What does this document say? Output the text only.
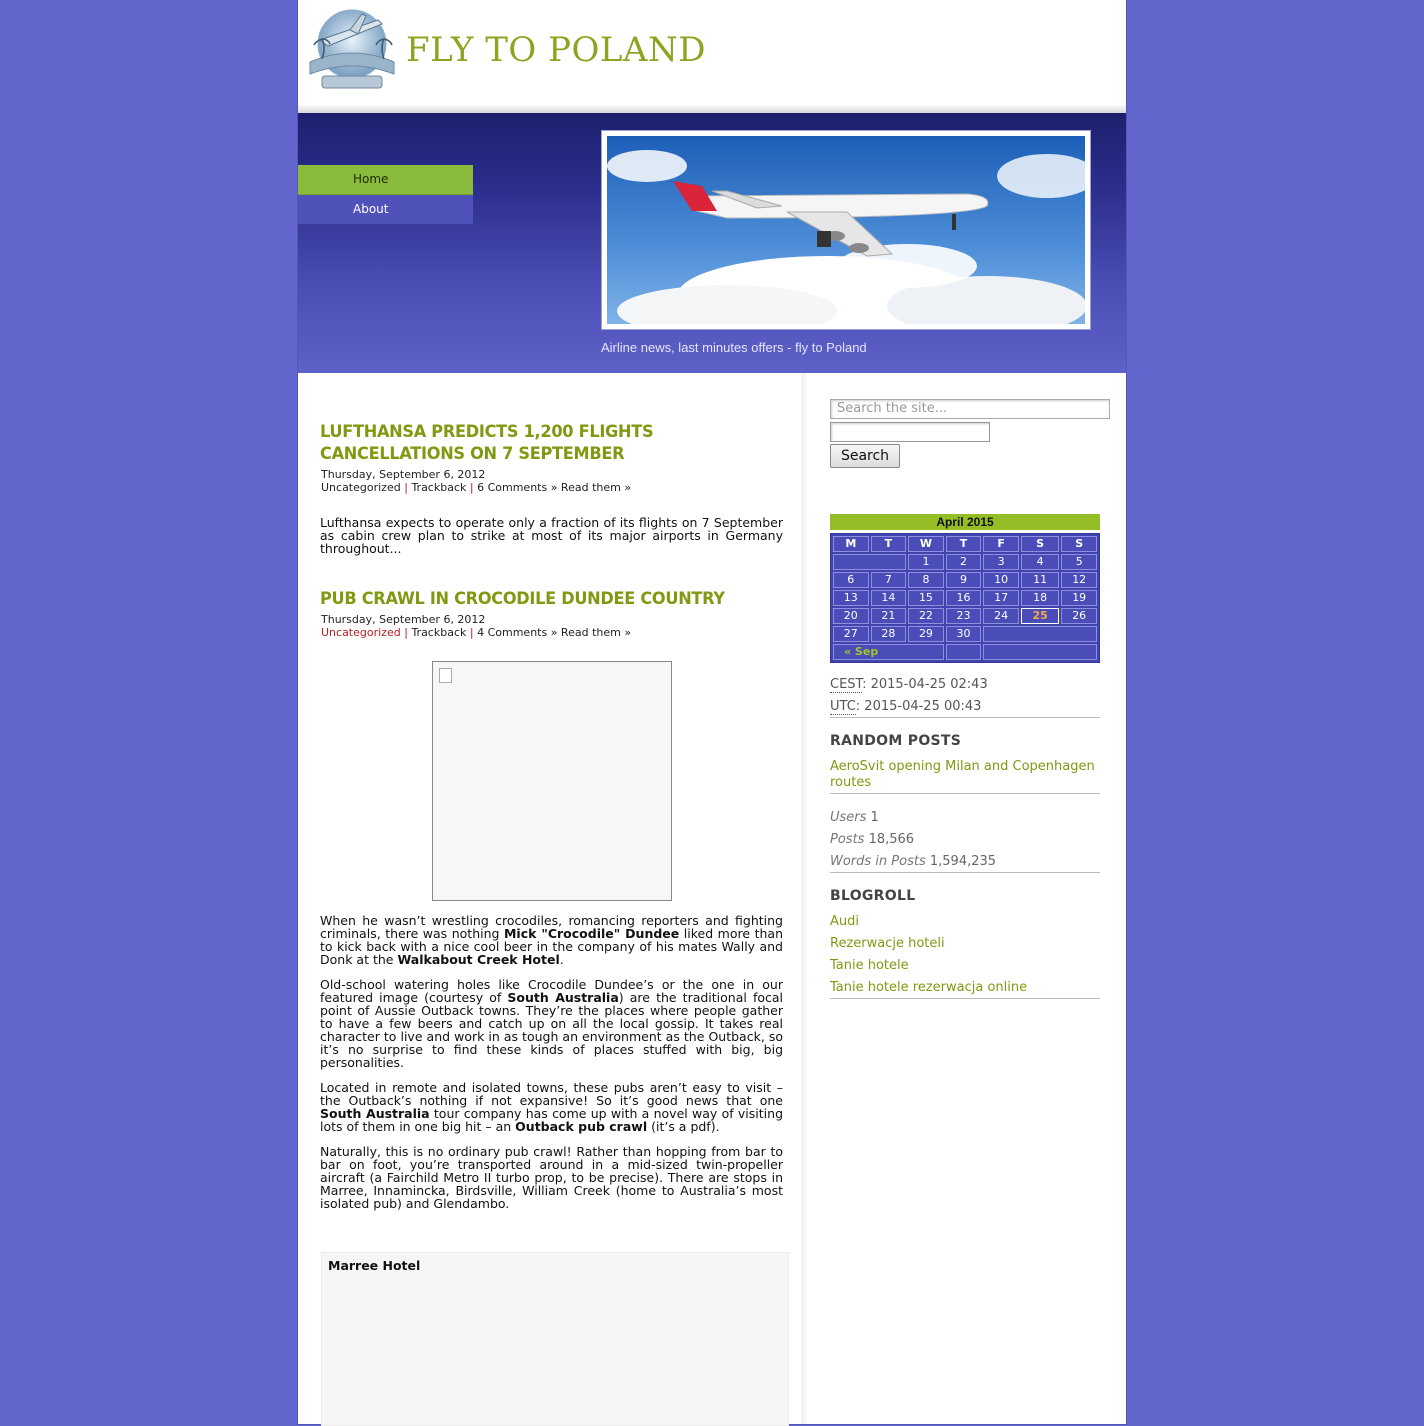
FLY TO POLAND
Home
About
Airline news, last minutes offers - fly to Poland
LUFTHANSA PREDICTS 1,200 FLIGHTS CANCELLATIONS ON 7 SEPTEMBER
Thursday, September 6, 2012
Uncategorized | Trackback | 6 Comments » Read them »

Lufthansa expects to operate only a fraction of its flights on 7 September as cabin crew plan to strike at most of its major airports in Germany throughout...

PUB CRAWL IN CROCODILE DUNDEE COUNTRY
Thursday, September 6, 2012
Uncategorized | Trackback | 4 Comments » Read them »

When he wasn’t wrestling crocodiles, romancing reporters and fighting criminals, there was nothing Mick "Crocodile" Dundee liked more than to kick back with a nice cool beer in the company of his mates Wally and Donk at the Walkabout Creek Hotel.

Old-school watering holes like Crocodile Dundee’s or the one in our featured image (courtesy of South Australia) are the traditional focal point of Aussie Outback towns. They’re the places where people gather to have a few beers and catch up on all the local gossip. It takes real character to live and work in as tough an environment as the Outback, so it’s no surprise to find these kinds of places stuffed with big, big personalities.

Located in remote and isolated towns, these pubs aren’t easy to visit – the Outback’s nothing if not expansive! So it’s good news that one South Australia tour company has come up with a novel way of visiting lots of them in one big hit – an Outback pub crawl (it’s a pdf).

Naturally, this is no ordinary pub crawl! Rather than hopping from bar to bar on foot, you’re transported around in a mid-sized twin-propeller aircraft (a Fairchild Metro II turbo prop, to be precise). There are stops in Marree, Innamincka, Birdsville, William Creek (home to Australia’s most isolated pub) and Glendambo.

Marree Hotel
Search the site...
Search
April 2015
M	T	W	T	F	S	S
		1	2	3	4	5
6	7	8	9	10	11	12
13	14	15	16	17	18	19
20	21	22	23	24	25	26
27	28	29	30			
« Sep						
CEST: 2015-04-25 02:43
UTC: 2015-04-25 00:43
RANDOM POSTS
AeroSvit opening Milan and Copenhagen routes
Users 1
Posts 18,566
Words in Posts 1,594,235
BLOGROLL
Audi
Rezerwacje hoteli
Tanie hotele
Tanie hotele rezerwacja online
